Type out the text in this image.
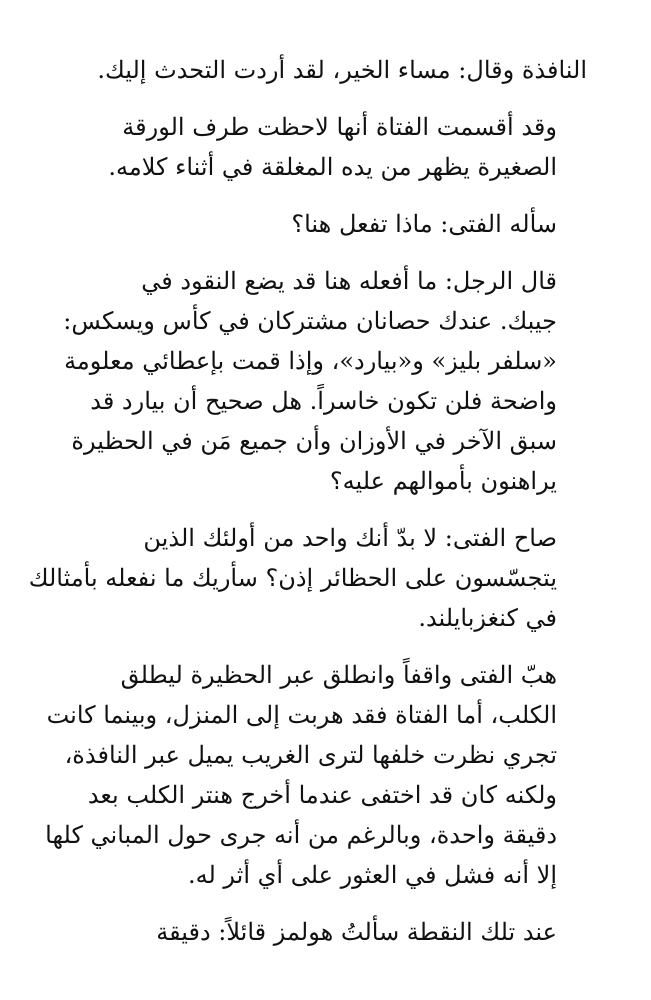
النافذة وقال: مساء الخير، لقد أردت التحدث إليك.

وقد أقسمت الفتاة أنها لاحظت طرف الورقة
الصغيرة يظهر من يده المغلقة في أثناء كلامه.

سأله الفتى: ماذا تفعل هنا؟

قال الرجل: ما أفعله هنا قد يضع النقود في
جيبك. عندك حصانان مشتركان في كأس ويسكس:
«سلفر بليز» و«بيارد»، وإذا قمت بإعطائي معلومة
واضحة فلن تكون خاسراً. هل صحيح أن بيارد قد
سبق الآخر في الأوزان وأن جميع مَن في الحظيرة
يراهنون بأموالهم عليه؟

صاح الفتى: لا بدّ أنك واحد من أولئك الذين
يتجسّسون على الحظائر إذن؟ سأريك ما نفعله بأمثالك
في كنغزبايلند.

هبّ الفتى واقفاً وانطلق عبر الحظيرة ليطلق
الكلب، أما الفتاة فقد هربت إلى المنزل، وبينما كانت
تجري نظرت خلفها لترى الغريب يميل عبر النافذة،
ولكنه كان قد اختفى عندما أخرج هنتر الكلب بعد
دقيقة واحدة، وبالرغم من أنه جرى حول المباني كلها
إلا أنه فشل في العثور على أي أثر له.

عند تلك النقطة سألتُ هولمز قائلاً: دقيقة
